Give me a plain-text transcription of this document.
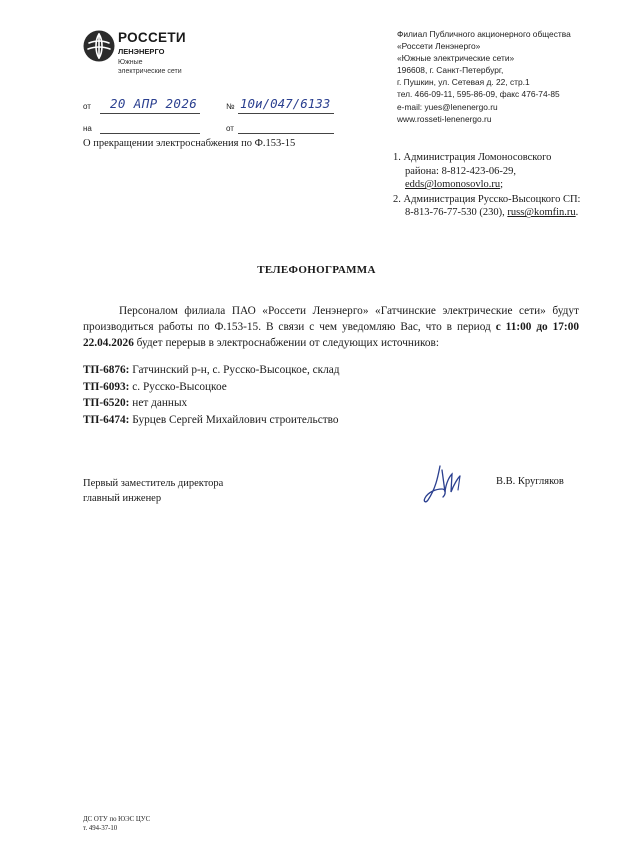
РОССЕТИ
ЛЕНЭНЕРГО
Южные
электрические сети
Филиал Публичного акционерного общества
«Россети Ленэнерго»
«Южные электрические сети»
196608, г. Санкт-Петербург,
г. Пушкин, ул. Сетевая д. 22, стр.1
тел. 466-09-11, 595-86-09, факс 476-74-85
e-mail: yues@lenenergo.ru
www.rosseti-lenenergo.ru
от 20 АПР 2026	№ 10и/047/6133
на	от
О прекращении электроснабжения по Ф.153-15
1. Администрация Ломоносовского
района: 8-812-423-06-29,
edds@lomonosovlo.ru;
2. Администрация Русско-Высоцкого СП:
8-813-76-77-530 (230), russ@komfin.ru.
ТЕЛЕФОНОГРАММА

Персоналом филиала ПАО «Россети Ленэнерго» «Гатчинские электрические сети» будут производиться работы по Ф.153-15. В связи с чем уведомляю Вас, что в период с 11:00 до 17:00 22.04.2026 будет перерыв в электроснабжении от следующих источников:

ТП-6876: Гатчинский р-н, с. Русско-Высоцкое, склад
ТП-6093: с. Русско-Высоцкое
ТП-6520: нет данных
ТП-6474: Бурцев Сергей Михайлович строительство
Первый заместитель директора
главный инженер
В.В. Кругляков
ДС ОТУ по ЮЭС ЦУС
т. 494-37-10
